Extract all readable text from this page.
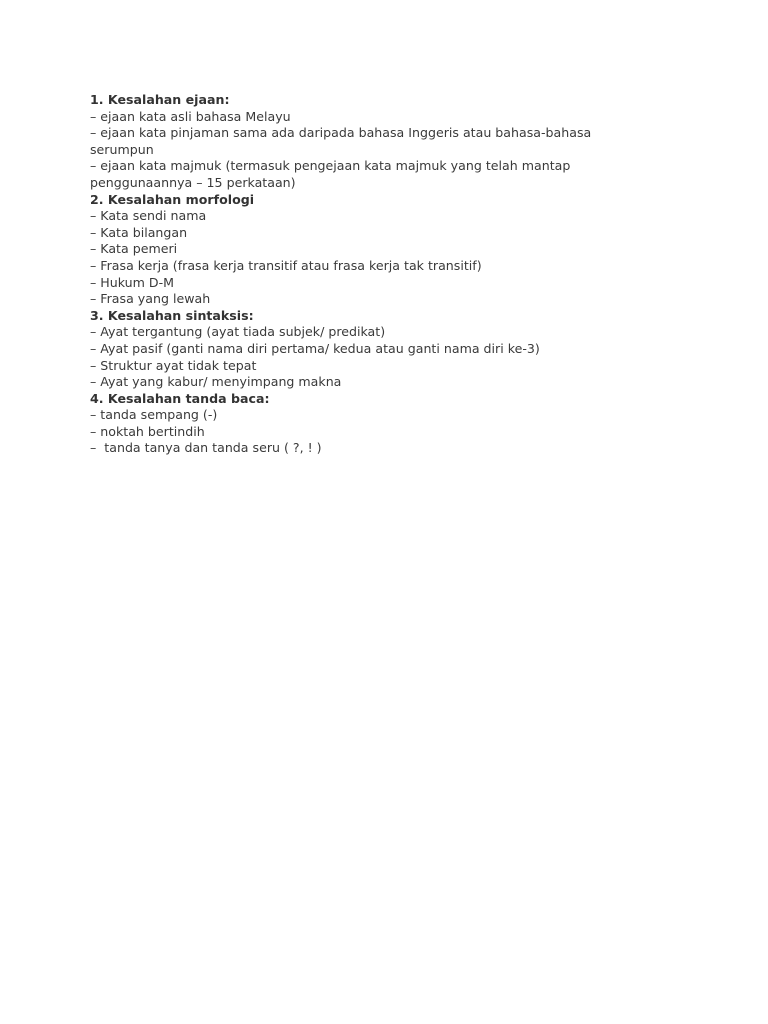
1. Kesalahan ejaan:
– ejaan kata asli bahasa Melayu
– ejaan kata pinjaman sama ada daripada bahasa Inggeris atau bahasa-bahasa serumpun
– ejaan kata majmuk (termasuk pengejaan kata majmuk yang telah mantap penggunaannya – 15 perkataan)
2. Kesalahan morfologi
– Kata sendi nama
– Kata bilangan
– Kata pemeri
– Frasa kerja (frasa kerja transitif atau frasa kerja tak transitif)
– Hukum D-M
– Frasa yang lewah
3. Kesalahan sintaksis:
– Ayat tergantung (ayat tiada subjek/ predikat)
– Ayat pasif (ganti nama diri pertama/ kedua atau ganti nama diri ke-3)
– Struktur ayat tidak tepat
– Ayat yang kabur/ menyimpang makna
4. Kesalahan tanda baca:
– tanda sempang (-)
– noktah bertindih
–  tanda tanya dan tanda seru ( ?, ! )
